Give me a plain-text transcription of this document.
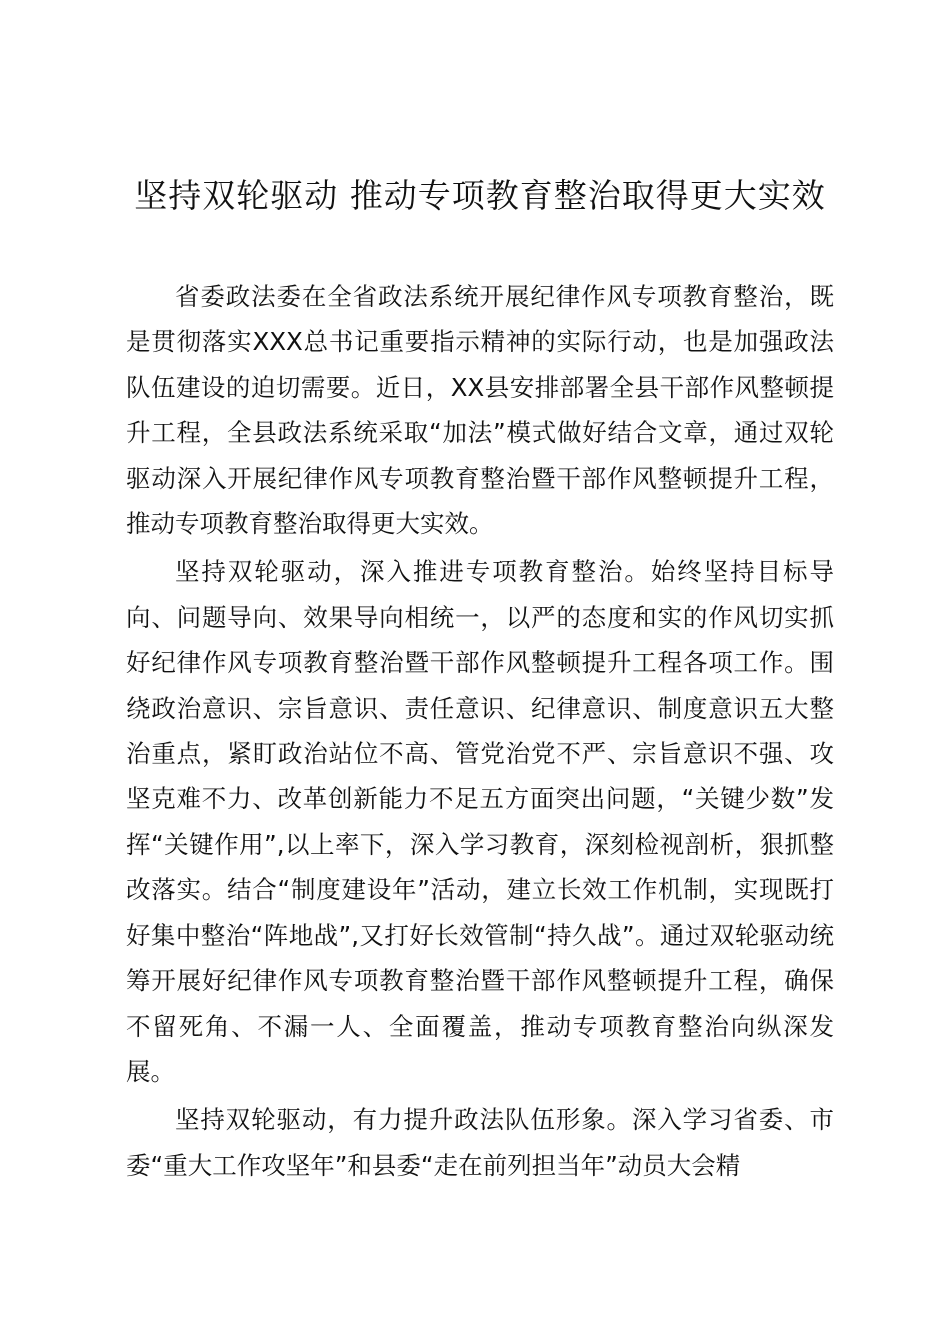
坚持双轮驱动 推动专项教育整治取得更大实效

省委政法委在全省政法系统开展纪律作风专项教育整治，既是贯彻落实XXX总书记重要指示精神的实际行动，也是加强政法队伍建设的迫切需要。近日，XX县安排部署全县干部作风整顿提升工程，全县政法系统采取“加法”模式做好结合文章，通过双轮驱动深入开展纪律作风专项教育整治暨干部作风整顿提升工程，推动专项教育整治取得更大实效。

坚持双轮驱动，深入推进专项教育整治。始终坚持目标导向、问题导向、效果导向相统一，以严的态度和实的作风切实抓好纪律作风专项教育整治暨干部作风整顿提升工程各项工作。围绕政治意识、宗旨意识、责任意识、纪律意识、制度意识五大整治重点，紧盯政治站位不高、管党治党不严、宗旨意识不强、攻坚克难不力、改革创新能力不足五方面突出问题，“关键少数”发挥“关键作用”,以上率下，深入学习教育，深刻检视剖析，狠抓整改落实。结合“制度建设年”活动，建立长效工作机制，实现既打好集中整治“阵地战”,又打好长效管制“持久战”。通过双轮驱动统筹开展好纪律作风专项教育整治暨干部作风整顿提升工程，确保不留死角、不漏一人、全面覆盖，推动专项教育整治向纵深发展。

坚持双轮驱动，有力提升政法队伍形象。深入学习省委、市委“重大工作攻坚年”和县委“走在前列担当年”动员大会精
